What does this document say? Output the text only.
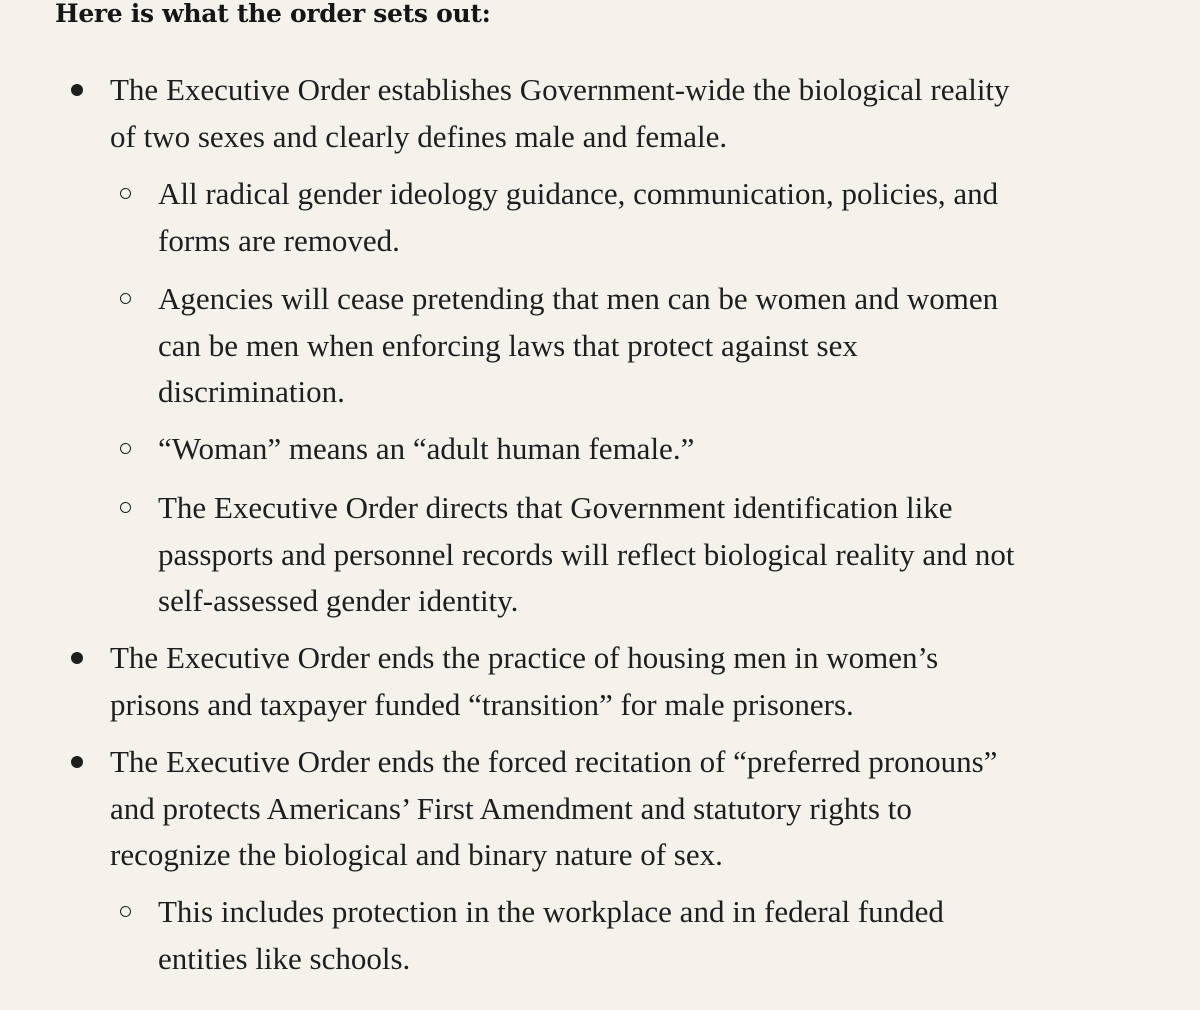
Here is what the order sets out:
The Executive Order establishes Government-wide the biological reality of two sexes and clearly defines male and female.
All radical gender ideology guidance, communication, policies, and forms are removed.
Agencies will cease pretending that men can be women and women can be men when enforcing laws that protect against sex discrimination.
“Woman” means an “adult human female.”
The Executive Order directs that Government identification like passports and personnel records will reflect biological reality and not self-assessed gender identity.
The Executive Order ends the practice of housing men in women’s prisons and taxpayer funded “transition” for male prisoners.
The Executive Order ends the forced recitation of “preferred pronouns” and protects Americans’ First Amendment and statutory rights to recognize the biological and binary nature of sex.
This includes protection in the workplace and in federal funded entities like schools.
